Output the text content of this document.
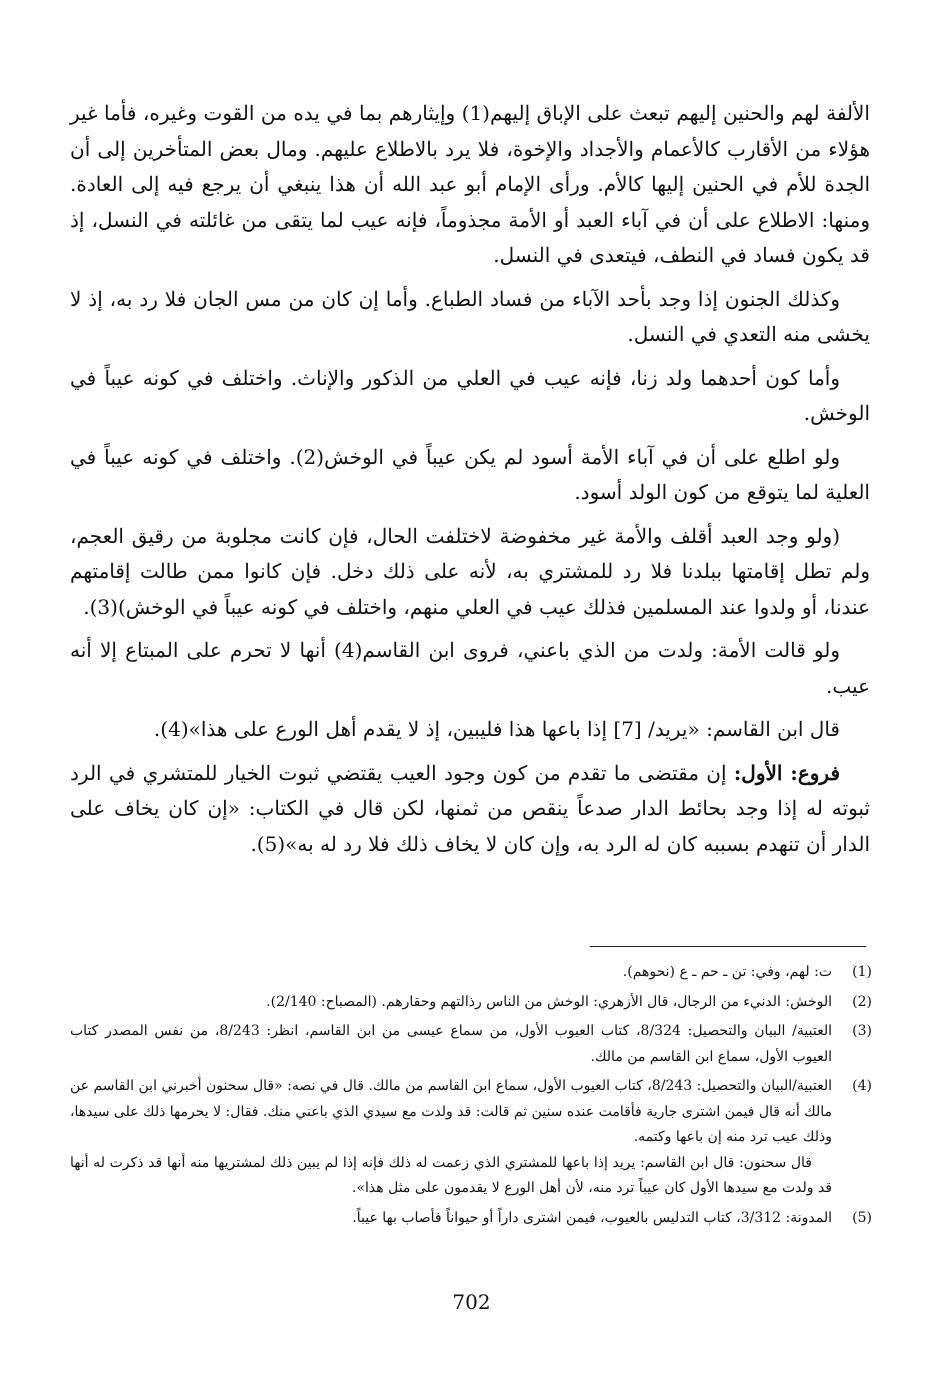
الألفة لهم والحنين إليهم تبعث على الإباق إليهم(1) وإيثارهم بما في يده من القوت وغيره، فأما غير هؤلاء من الأقارب كالأعمام والأجداد والإخوة، فلا يرد بالاطلاع عليهم. ومال بعض المتأخرين إلى أن الجدة للأم في الحنين إليها كالأم. ورأى الإمام أبو عبد الله أن هذا ينبغي أن يرجع فيه إلى العادة. ومنها: الاطلاع على أن في آباء العبد أو الأمة مجذوماً، فإنه عيب لما يتقى من غائلته في النسل، إذ قد يكون فساد في النطف، فيتعدى في النسل.

وكذلك الجنون إذا وجد بأحد الآباء من فساد الطباع. وأما إن كان من مس الجان فلا رد به، إذ لا يخشى منه التعدي في النسل.

وأما كون أحدهما ولد زنا، فإنه عيب في العلي من الذكور والإناث. واختلف في كونه عيباً في الوخش.

ولو اطلع على أن في آباء الأمة أسود لم يكن عيباً في الوخش(2). واختلف في كونه عيباً في العلية لما يتوقع من كون الولد أسود.

(ولو وجد العبد أقلف والأمة غير مخفوضة لاختلفت الحال، فإن كانت مجلوبة من رقيق العجم، ولم تطل إقامتها ببلدنا فلا رد للمشتري به، لأنه على ذلك دخل. فإن كانوا ممن طالت إقامتهم عندنا، أو ولدوا عند المسلمين فذلك عيب في العلي منهم، واختلف في كونه عيباً في الوخش)(3).

ولو قالت الأمة: ولدت من الذي باعني، فروى ابن القاسم(4) أنها لا تحرم على المبتاع إلا أنه عيب.

قال ابن القاسم: «يريد/ [7] إذا باعها هذا فليبين، إذ لا يقدم أهل الورع على هذا»(4).

فروع: الأول: إن مقتضى ما تقدم من كون وجود العيب يقتضي ثبوت الخيار للمتشري في الرد ثبوته له إذا وجد بحائط الدار صدعاً ينقص من ثمنها، لكن قال في الكتاب: «إن كان يخاف على الدار أن تنهدم بسببه كان له الرد به، وإن كان لا يخاف ذلك فلا رد له به»(5).

(1)

ت: لهم، وفي: تن ـ حم ـ ع (نحوهم).

(2)

الوخش: الدنيء من الرجال، قال الأزهري: الوخش من الناس رذالتهم وحقارهم. (المصباح: 2/140).

(3)

العتبية/ البيان والتحصيل: 8/324، كتاب العيوب الأول، من سماع عيسى من ابن القاسم، انظر: 8/243، من نفس المصدر كتاب العيوب الأول، سماع ابن القاسم من مالك.

(4)

العتبية/البيان والتحصيل: 8/243، كتاب العيوب الأول، سماع ابن القاسم من مالك. قال في نصه: «قال سحنون أخبرني ابن القاسم عن مالك أنه قال فيمن اشترى جارية فأقامت عنده سنين ثم قالت: قد ولدت مع سيدي الذي باعني منك. فقال: لا يحرمها ذلك على سيدها، وذلك عيب ترد منه إن باعها وكتمه.

قال سحنون: قال ابن القاسم: يريد إذا باعها للمشتري الذي زعمت له ذلك فإنه إذا لم يبين ذلك لمشتريها منه أنها قد ذكرت له أنها قد ولدت مع سيدها الأول كان عيباً ترد منه، لأن أهل الورع لا يقدمون على مثل هذا».

(5)

المدونة: 3/312، كتاب التدليس بالعيوب، فيمن اشترى داراً أو حيواناً فأصاب بها عيباً.

702
